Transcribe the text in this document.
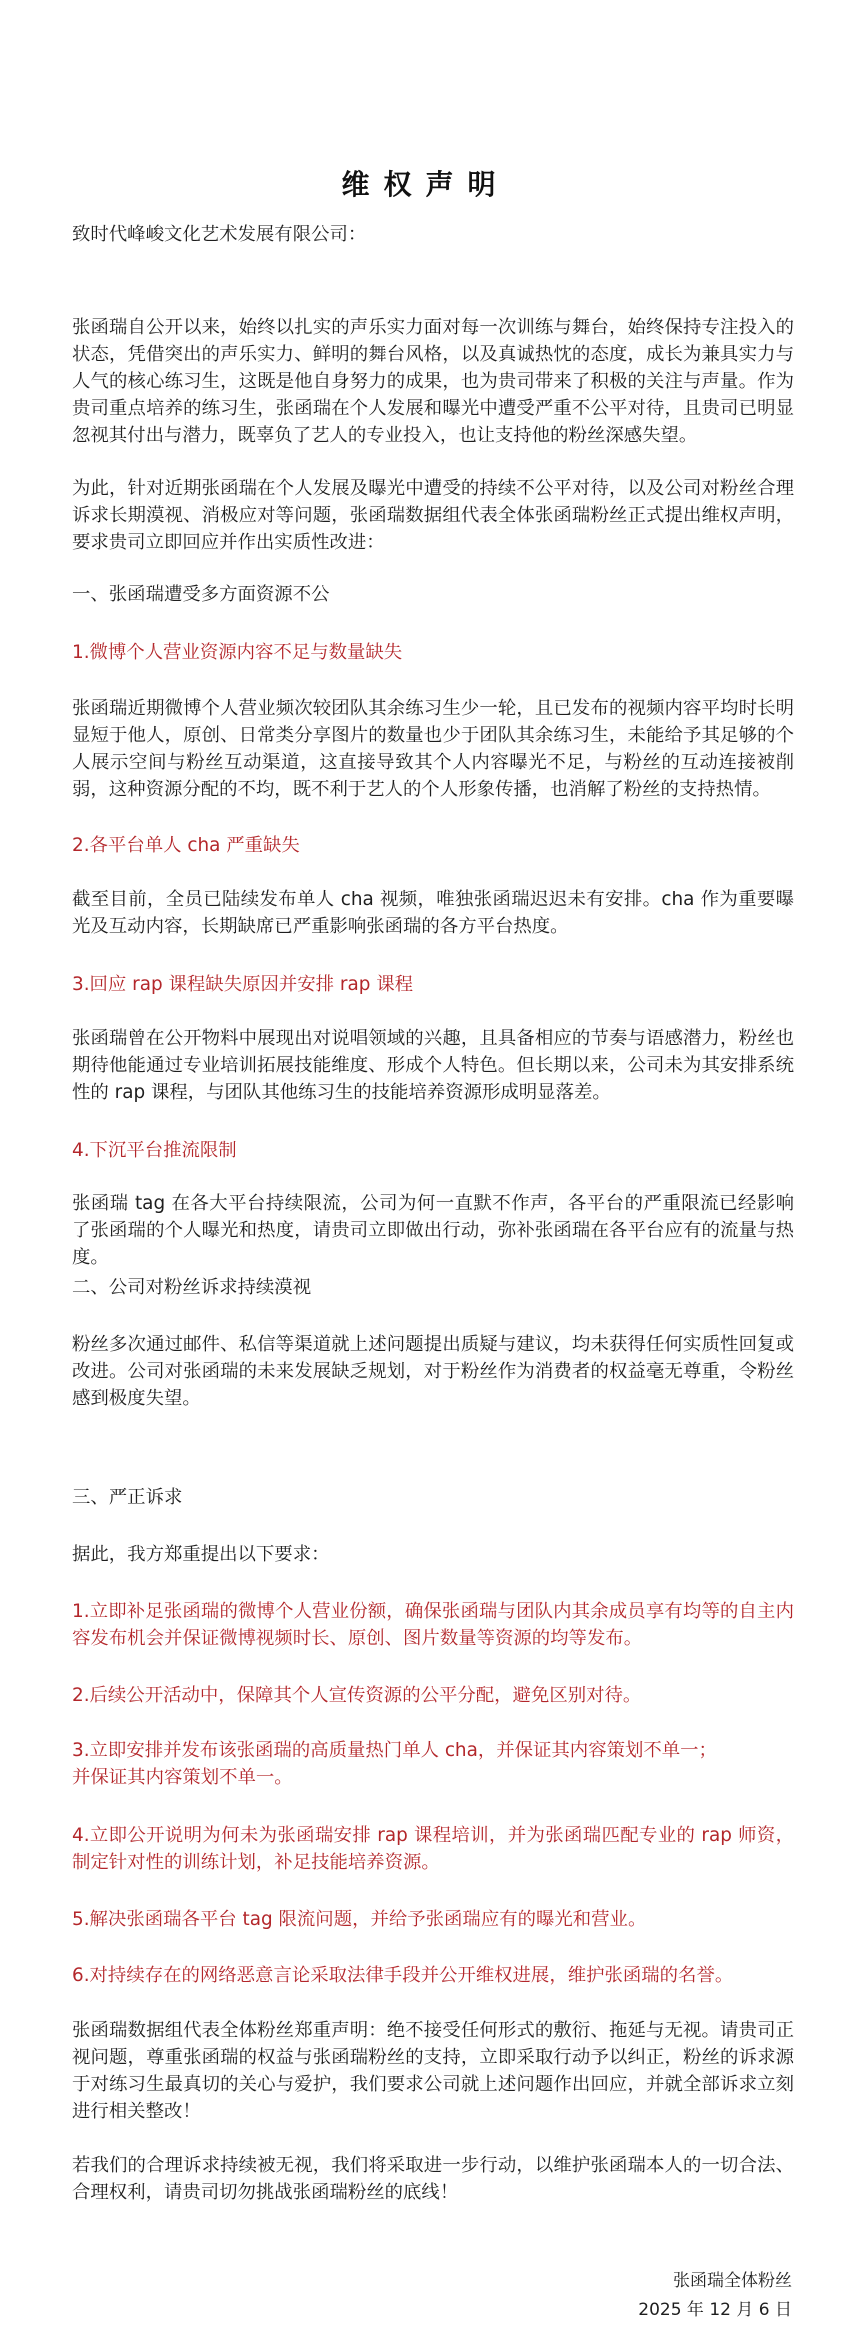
维权声明

致时代峰峻文化艺术发展有限公司：

张函瑞自公开以来，始终以扎实的声乐实力面对每一次训练与舞台，始终保持专注投入的状态，凭借突出的声乐实力、鲜明的舞台风格，以及真诚热忱的态度，成长为兼具实力与人气的核心练习生，这既是他自身努力的成果，也为贵司带来了积极的关注与声量。作为贵司重点培养的练习生，张函瑞在个人发展和曝光中遭受严重不公平对待，且贵司已明显忽视其付出与潜力，既辜负了艺人的专业投入，也让支持他的粉丝深感失望。

为此，针对近期张函瑞在个人发展及曝光中遭受的持续不公平对待，以及公司对粉丝合理诉求长期漠视、消极应对等问题，张函瑞数据组代表全体张函瑞粉丝正式提出维权声明，要求贵司立即回应并作出实质性改进：

一、张函瑞遭受多方面资源不公

1.微博个人营业资源内容不足与数量缺失

张函瑞近期微博个人营业频次较团队其余练习生少一轮，且已发布的视频内容平均时长明显短于他人，原创、日常类分享图片的数量也少于团队其余练习生，未能给予其足够的个人展示空间与粉丝互动渠道，这直接导致其个人内容曝光不足，与粉丝的互动连接被削弱，这种资源分配的不均，既不利于艺人的个人形象传播，也消解了粉丝的支持热情。

2.各平台单人 cha 严重缺失

截至目前，全员已陆续发布单人 cha 视频，唯独张函瑞迟迟未有安排。cha 作为重要曝光及互动内容，长期缺席已严重影响张函瑞的各方平台热度。

3.回应 rap 课程缺失原因并安排 rap 课程

张函瑞曾在公开物料中展现出对说唱领域的兴趣，且具备相应的节奏与语感潜力，粉丝也期待他能通过专业培训拓展技能维度、形成个人特色。但长期以来，公司未为其安排系统性的 rap 课程，与团队其他练习生的技能培养资源形成明显落差。

4.下沉平台推流限制

张函瑞 tag 在各大平台持续限流，公司为何一直默不作声，各平台的严重限流已经影响了张函瑞的个人曝光和热度，请贵司立即做出行动，弥补张函瑞在各平台应有的流量与热度。

二、公司对粉丝诉求持续漠视

粉丝多次通过邮件、私信等渠道就上述问题提出质疑与建议，均未获得任何实质性回复或改进。公司对张函瑞的未来发展缺乏规划，对于粉丝作为消费者的权益毫无尊重，令粉丝感到极度失望。

三、严正诉求

据此，我方郑重提出以下要求：

1.立即补足张函瑞的微博个人营业份额，确保张函瑞与团队内其余成员享有均等的自主内容发布机会并保证微博视频时长、原创、图片数量等资源的均等发布。

2.后续公开活动中，保障其个人宣传资源的公平分配，避免区别对待。

3.立即安排并发布该张函瑞的高质量热门单人 cha，并保证其内容策划不单一；

并保证其内容策划不单一。

4.立即公开说明为何未为张函瑞安排 rap 课程培训，并为张函瑞匹配专业的 rap 师资，制定针对性的训练计划，补足技能培养资源。

5.解决张函瑞各平台 tag 限流问题，并给予张函瑞应有的曝光和营业。

6.对持续存在的网络恶意言论采取法律手段并公开维权进展，维护张函瑞的名誉。

张函瑞数据组代表全体粉丝郑重声明：绝不接受任何形式的敷衍、拖延与无视。请贵司正视问题，尊重张函瑞的权益与张函瑞粉丝的支持，立即采取行动予以纠正，粉丝的诉求源于对练习生最真切的关心与爱护，我们要求公司就上述问题作出回应，并就全部诉求立刻进行相关整改！

若我们的合理诉求持续被无视，我们将采取进一步行动，以维护张函瑞本人的一切合法、合理权利，请贵司切勿挑战张函瑞粉丝的底线！

张函瑞全体粉丝
2025 年 12 月 6 日
